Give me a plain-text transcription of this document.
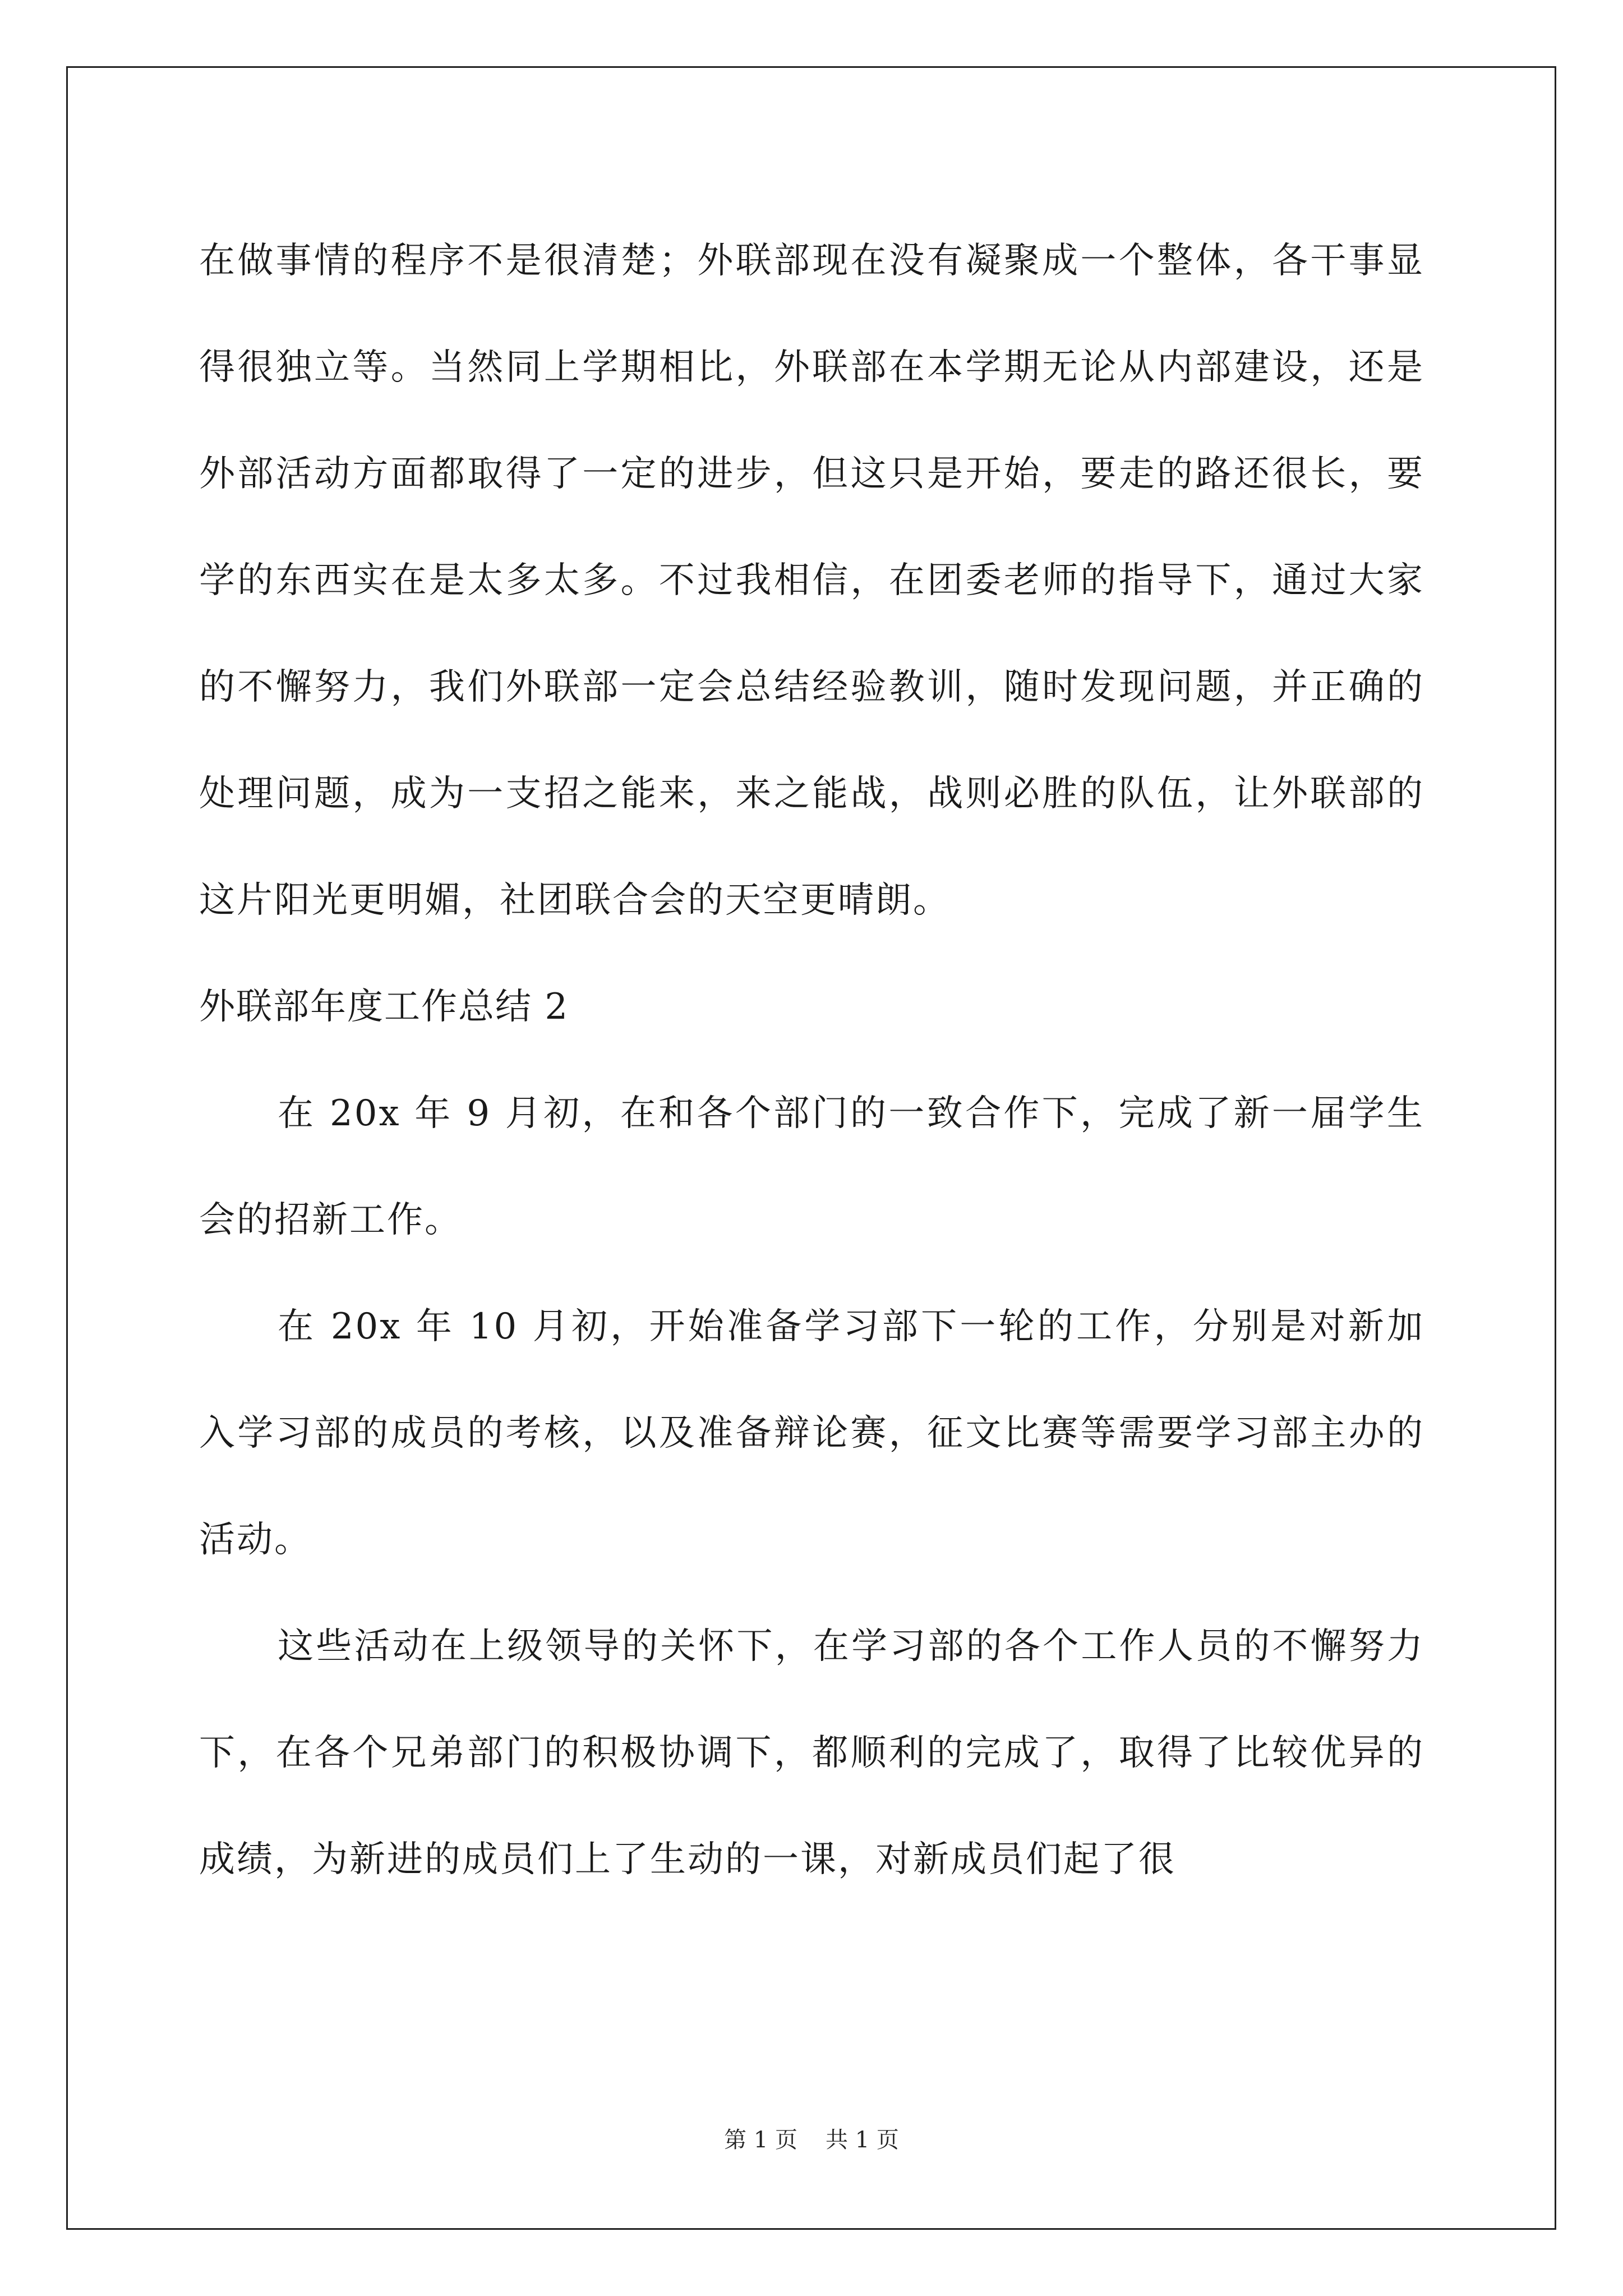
在做事情的程序不是很清楚；外联部现在没有凝聚成一个整体，各干事显得很独立等。当然同上学期相比，外联部在本学期无论从内部建设，还是外部活动方面都取得了一定的进步，但这只是开始，要走的路还很长，要学的东西实在是太多太多。不过我相信，在团委老师的指导下，通过大家的不懈努力，我们外联部一定会总结经验教训，随时发现问题，并正确的处理问题，成为一支招之能来，来之能战，战则必胜的队伍，让外联部的这片阳光更明媚，社团联合会的天空更晴朗。

外联部年度工作总结 2

在 20x 年 9 月初，在和各个部门的一致合作下，完成了新一届学生会的招新工作。

在 20x 年 10 月初，开始准备学习部下一轮的工作，分别是对新加入学习部的成员的考核，以及准备辩论赛，征文比赛等需要学习部主办的活动。

这些活动在上级领导的关怀下，在学习部的各个工作人员的不懈努力下，在各个兄弟部门的积极协调下，都顺利的完成了，取得了比较优异的成绩，为新进的成员们上了生动的一课，对新成员们起了很

第 1 页 共 1 页
